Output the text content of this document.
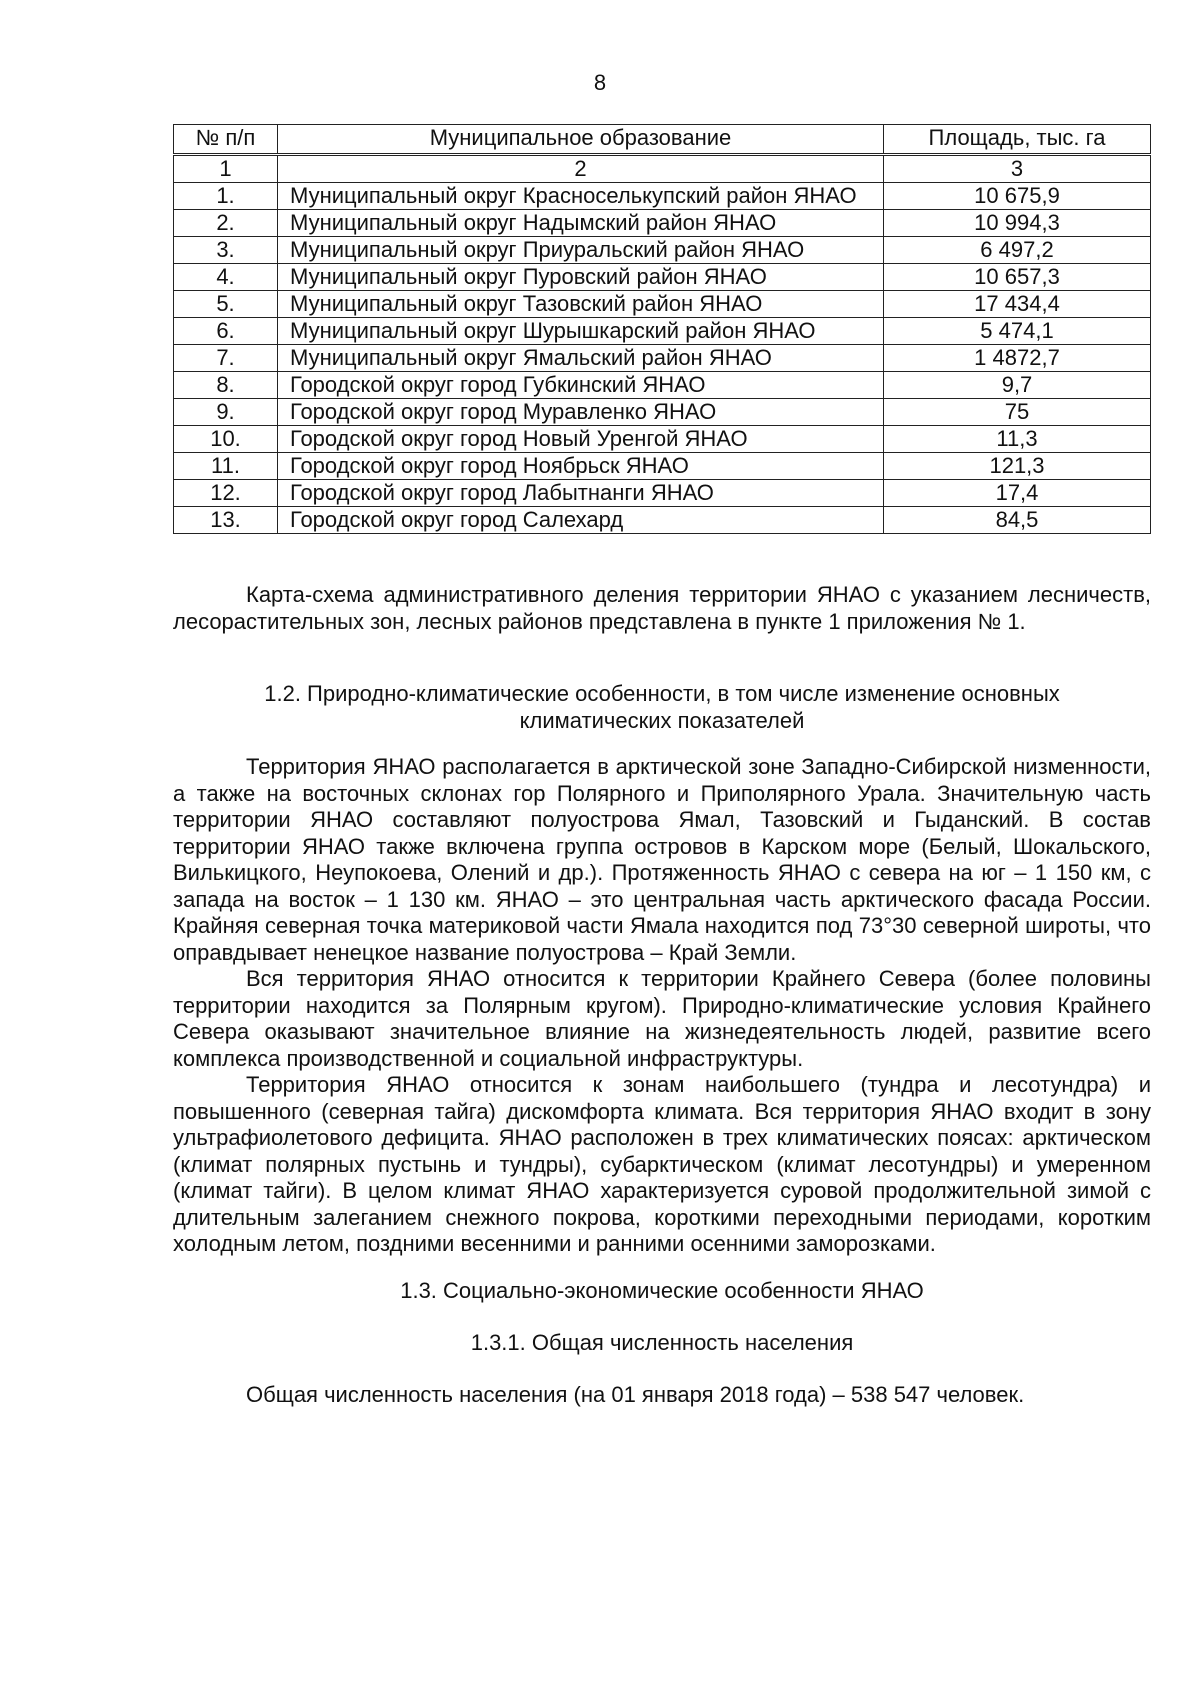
8
№ п/п	Муниципальное образование	Площадь, тыс. га
1	2	3
1.	Муниципальный округ Красноселькупский район ЯНАО	10 675,9
2.	Муниципальный округ Надымский район ЯНАО	10 994,3
3.	Муниципальный округ Приуральский район ЯНАО	6 497,2
4.	Муниципальный округ Пуровский район ЯНАО	10 657,3
5.	Муниципальный округ Тазовский район ЯНАО	17 434,4
6.	Муниципальный округ Шурышкарский район ЯНАО	5 474,1
7.	Муниципальный округ Ямальский район ЯНАО	1 4872,7
8.	Городской округ город Губкинский ЯНАО	9,7
9.	Городской округ город Муравленко ЯНАО	75
10.	Городской округ город Новый Уренгой ЯНАО	11,3
11.	Городской округ город Ноябрьск ЯНАО	121,3
12.	Городской округ город Лабытнанги ЯНАО	17,4
13.	Городской округ город Салехард	84,5

Карта-схема административного деления территории ЯНАО с указанием лесничеств, лесорастительных зон, лесных районов представлена в пункте 1 приложения № 1.

1.2. Природно-климатические особенности, в том числе изменение основных климатических показателей

Территория ЯНАО располагается в арктической зоне Западно-Сибирской низменности, а также на восточных склонах гор Полярного и Приполярного Урала. Значительную часть территории ЯНАО составляют полуострова Ямал, Тазовский и Гыданский. В состав территории ЯНАО также включена группа островов в Карском море (Белый, Шокальского, Вилькицкого, Неупокоева, Олений и др.). Протяженность ЯНАО с севера на юг – 1 150 км, с запада на восток – 1 130 км. ЯНАО – это центральная часть арктического фасада России. Крайняя северная точка материковой части Ямала находится под 73°30 северной широты, что оправдывает ненецкое название полуострова – Край Земли.

Вся территория ЯНАО относится к территории Крайнего Севера (более половины территории находится за Полярным кругом). Природно-климатические условия Крайнего Севера оказывают значительное влияние на жизнедеятельность людей, развитие всего комплекса производственной и социальной инфраструктуры.

Территория ЯНАО относится к зонам наибольшего (тундра и лесотундра) и повышенного (северная тайга) дискомфорта климата. Вся территория ЯНАО входит в зону ультрафиолетового дефицита. ЯНАО расположен в трех климатических поясах: арктическом (климат полярных пустынь и тундры), субарктическом (климат лесотундры) и умеренном (климат тайги). В целом климат ЯНАО характеризуется суровой продолжительной зимой с длительным залеганием снежного покрова, короткими переходными периодами, коротким холодным летом, поздними весенними и ранними осенними заморозками.

1.3. Социально-экономические особенности ЯНАО
1.3.1. Общая численность населения

Общая численность населения (на 01 января 2018 года) – 538 547 человек.
